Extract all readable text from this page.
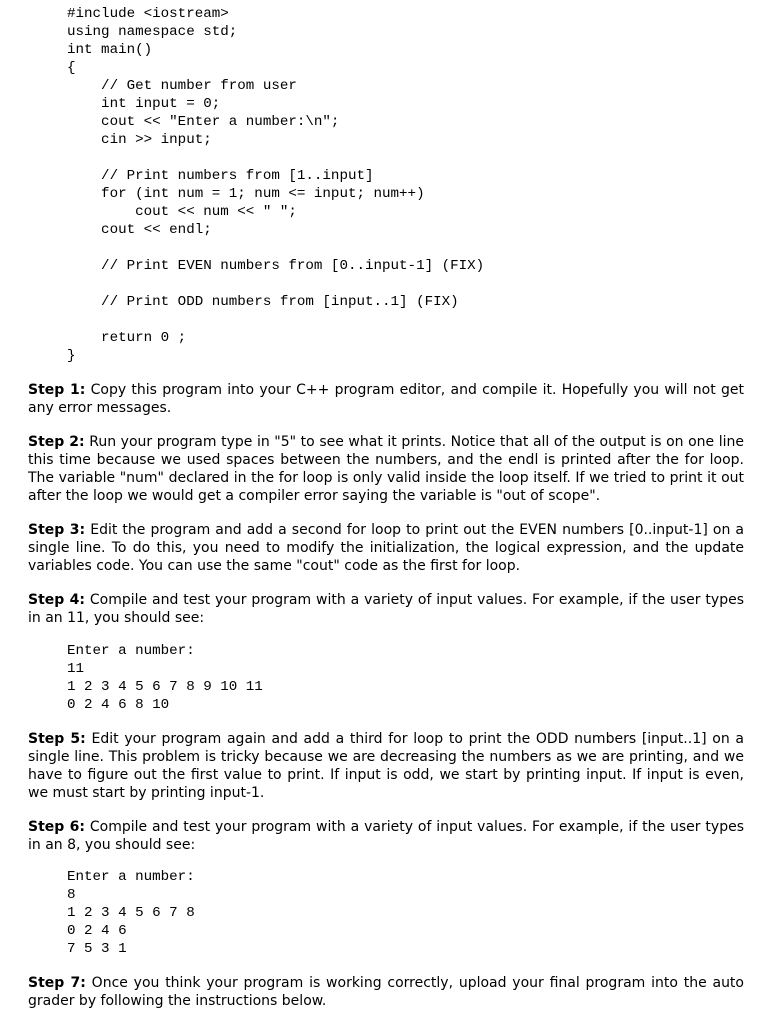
#include <iostream>
using namespace std;
int main()
{
// Get number from user
int input = 0;
cout << "Enter a number:\n";
cin >> input;

// Print numbers from [1..input]
for (int num = 1; num <= input; num++)
cout << num << " ";
cout << endl;

// Print EVEN numbers from [0..input-1] (FIX)

// Print ODD numbers from [input..1] (FIX)

return 0 ;
}

Step 1: Copy this program into your C++ program editor, and compile it. Hopefully you will not get any error messages.

Step 2: Run your program type in "5" to see what it prints. Notice that all of the output is on one line this time because we used spaces between the numbers, and the endl is printed after the for loop. The variable "num" declared in the for loop is only valid inside the loop itself. If we tried to print it out after the loop we would get a compiler error saying the variable is "out of scope".

Step 3: Edit the program and add a second for loop to print out the EVEN numbers [0..input-1] on a single line. To do this, you need to modify the initialization, the logical expression, and the update variables code. You can use the same "cout" code as the first for loop.

Step 4: Compile and test your program with a variety of input values. For example, if the user types in an 11, you should see:

Enter a number:
11
1 2 3 4 5 6 7 8 9 10 11
0 2 4 6 8 10

Step 5: Edit your program again and add a third for loop to print the ODD numbers [input..1] on a single line. This problem is tricky because we are decreasing the numbers as we are printing, and we have to figure out the first value to print. If input is odd, we start by printing input. If input is even, we must start by printing input-1.

Step 6: Compile and test your program with a variety of input values. For example, if the user types in an 8, you should see:

Enter a number:
8
1 2 3 4 5 6 7 8
0 2 4 6
7 5 3 1

Step 7: Once you think your program is working correctly, upload your final program into the auto grader by following the instructions below.
